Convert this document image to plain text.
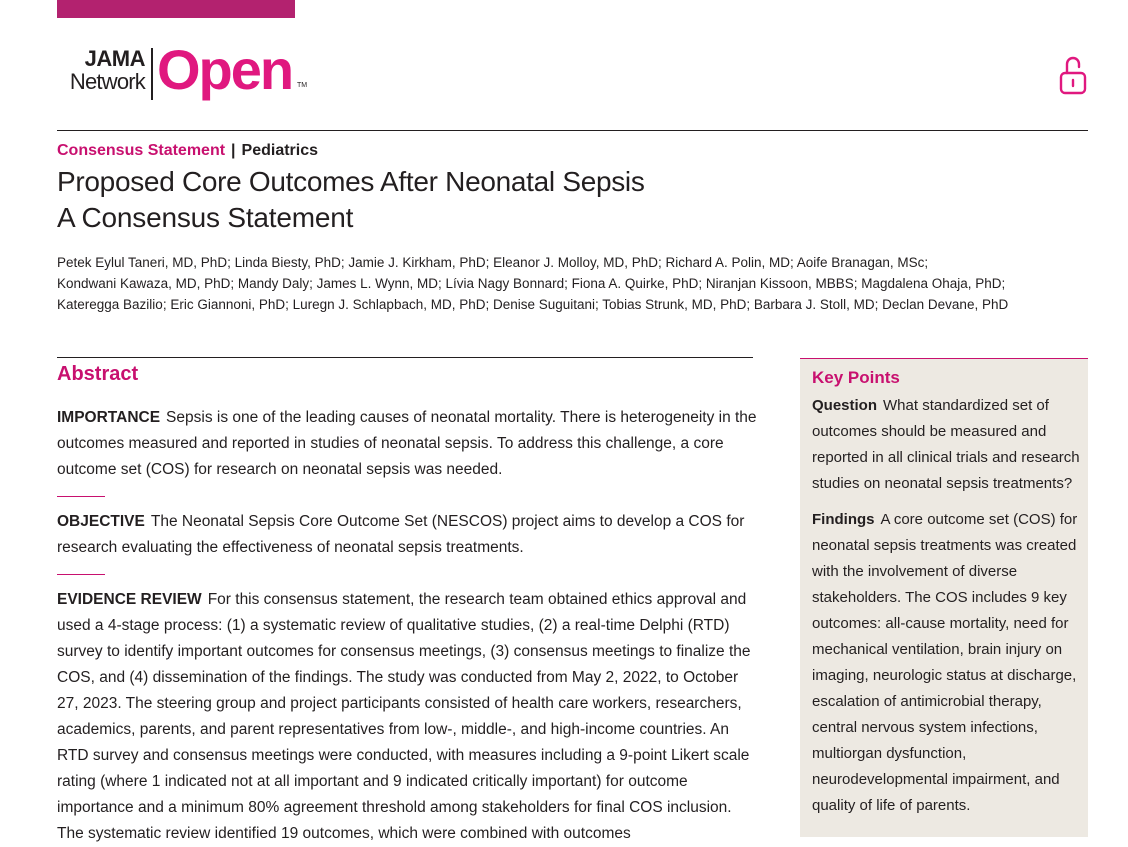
JAMA
Network Open TM
Consensus Statement | Pediatrics
Proposed Core Outcomes After Neonatal Sepsis
A Consensus Statement
Petek Eylul Taneri, MD, PhD; Linda Biesty, PhD; Jamie J. Kirkham, PhD; Eleanor J. Molloy, MD, PhD; Richard A. Polin, MD; Aoife Branagan, MSc;
Kondwani Kawaza, MD, PhD; Mandy Daly; James L. Wynn, MD; Lívia Nagy Bonnard; Fiona A. Quirke, PhD; Niranjan Kissoon, MBBS; Magdalena Ohaja, PhD;
Kateregga Bazilio; Eric Giannoni, PhD; Luregn J. Schlapbach, MD, PhD; Denise Suguitani; Tobias Strunk, MD, PhD; Barbara J. Stoll, MD; Declan Devane, PhD
Abstract

IMPORTANCE Sepsis is one of the leading causes of neonatal mortality. There is heterogeneity in the outcomes measured and reported in studies of neonatal sepsis. To address this challenge, a core outcome set (COS) for research on neonatal sepsis was needed.

OBJECTIVE The Neonatal Sepsis Core Outcome Set (NESCOS) project aims to develop a COS for research evaluating the effectiveness of neonatal sepsis treatments.

EVIDENCE REVIEW For this consensus statement, the research team obtained ethics approval and used a 4-stage process: (1) a systematic review of qualitative studies, (2) a real-time Delphi (RTD) survey to identify important outcomes for consensus meetings, (3) consensus meetings to finalize the COS, and (4) dissemination of the findings. The study was conducted from May 2, 2022, to October 27, 2023. The steering group and project participants consisted of health care workers, researchers, academics, parents, and parent representatives from low-, middle-, and high-income countries. An RTD survey and consensus meetings were conducted, with measures including a 9-point Likert scale rating (where 1 indicated not at all important and 9 indicated critically important) for outcome importance and a minimum 80% agreement threshold among stakeholders for final COS inclusion. The systematic review identified 19 outcomes, which were combined with outcomes

Key Points

Question What standardized set of outcomes should be measured and reported in all clinical trials and research studies on neonatal sepsis treatments?

Findings A core outcome set (COS) for neonatal sepsis treatments was created with the involvement of diverse stakeholders. The COS includes 9 key outcomes: all-cause mortality, need for mechanical ventilation, brain injury on imaging, neurologic status at discharge, escalation of antimicrobial therapy, central nervous system infections, multiorgan dysfunction, neurodevelopmental impairment, and quality of life of parents.
